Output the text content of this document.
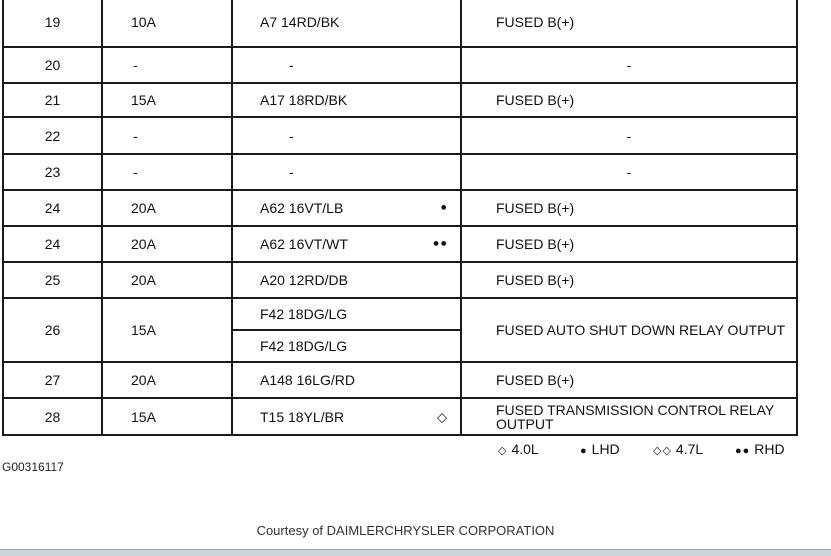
19	10A	A7 14RD/BK	FUSED B(+)
20	-	-	-
21	15A	A17 18RD/BK	FUSED B(+)
22	-	-	-
23	-	-	-
24	20A	A62 16VT/LB ●	FUSED B(+)
24	20A	A62 16VT/WT ●●	FUSED B(+)
25	20A	A20 12RD/DB	FUSED B(+)
26	15A	F42 18DG/LG	FUSED AUTO SHUT DOWN RELAY OUTPUT
		F42 18DG/LG	
27	20A	A148 16LG/RD	FUSED B(+)
28	15A	T15 18YL/BR ◇	FUSED TRANSMISSION CONTROL RELAY OUTPUT
◇ 4.0L	● LHD	◇◇ 4.7L	●● RHD
G00316117
Courtesy of DAIMLERCHRYSLER CORPORATION
